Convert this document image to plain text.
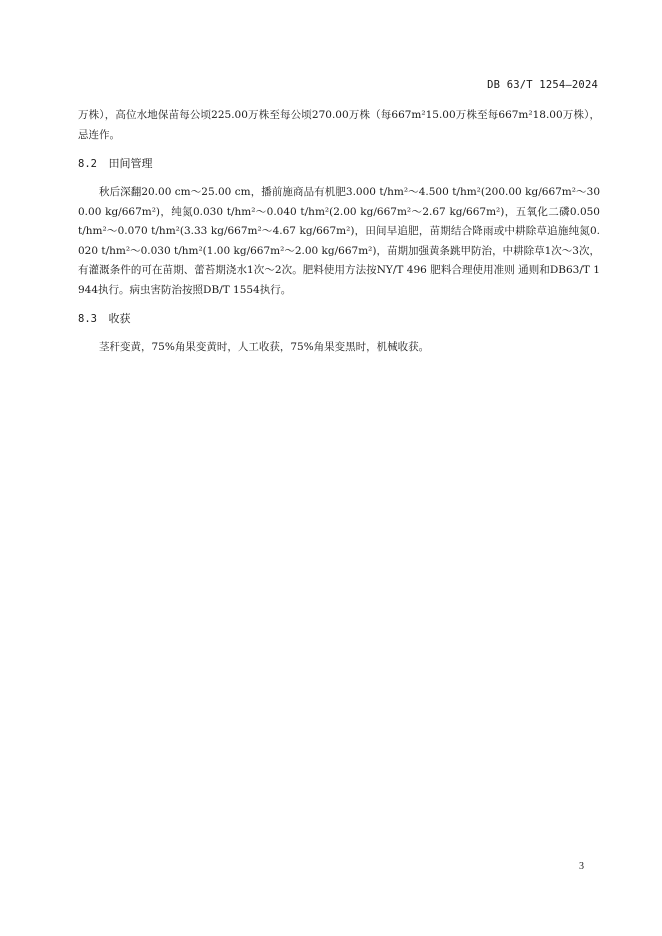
DB 63/T 1254—2024

万株），高位水地保苗每公顷225.00万株至每公顷270.00万株（每667m²15.00万株至每667m²18.00万株），忌连作。

8.2 田间管理

秋后深翻20.00 cm～25.00 cm，播前施商品有机肥3.000 t/hm²～4.500 t/hm²(200.00 kg/667m²～300.00 kg/667m²)，纯氮0.030 t/hm²～0.040 t/hm²(2.00 kg/667m²～2.67 kg/667m²)，五氧化二磷0.050 t/hm²～0.070 t/hm²(3.33 kg/667m²～4.67 kg/667m²)，田间早追肥，苗期结合降雨或中耕除草追施纯氮0.020 t/hm²～0.030 t/hm²(1.00 kg/667m²～2.00 kg/667m²)，苗期加强黄条跳甲防治，中耕除草1次～3次，有灌溉条件的可在苗期、蕾苔期浇水1次～2次。肥料使用方法按NY/T 496 肥料合理使用准则 通则和DB63/T 1944执行。病虫害防治按照DB/T 1554执行。

8.3 收获

茎秆变黄，75%角果变黄时，人工收获，75%角果变黑时，机械收获。

3
